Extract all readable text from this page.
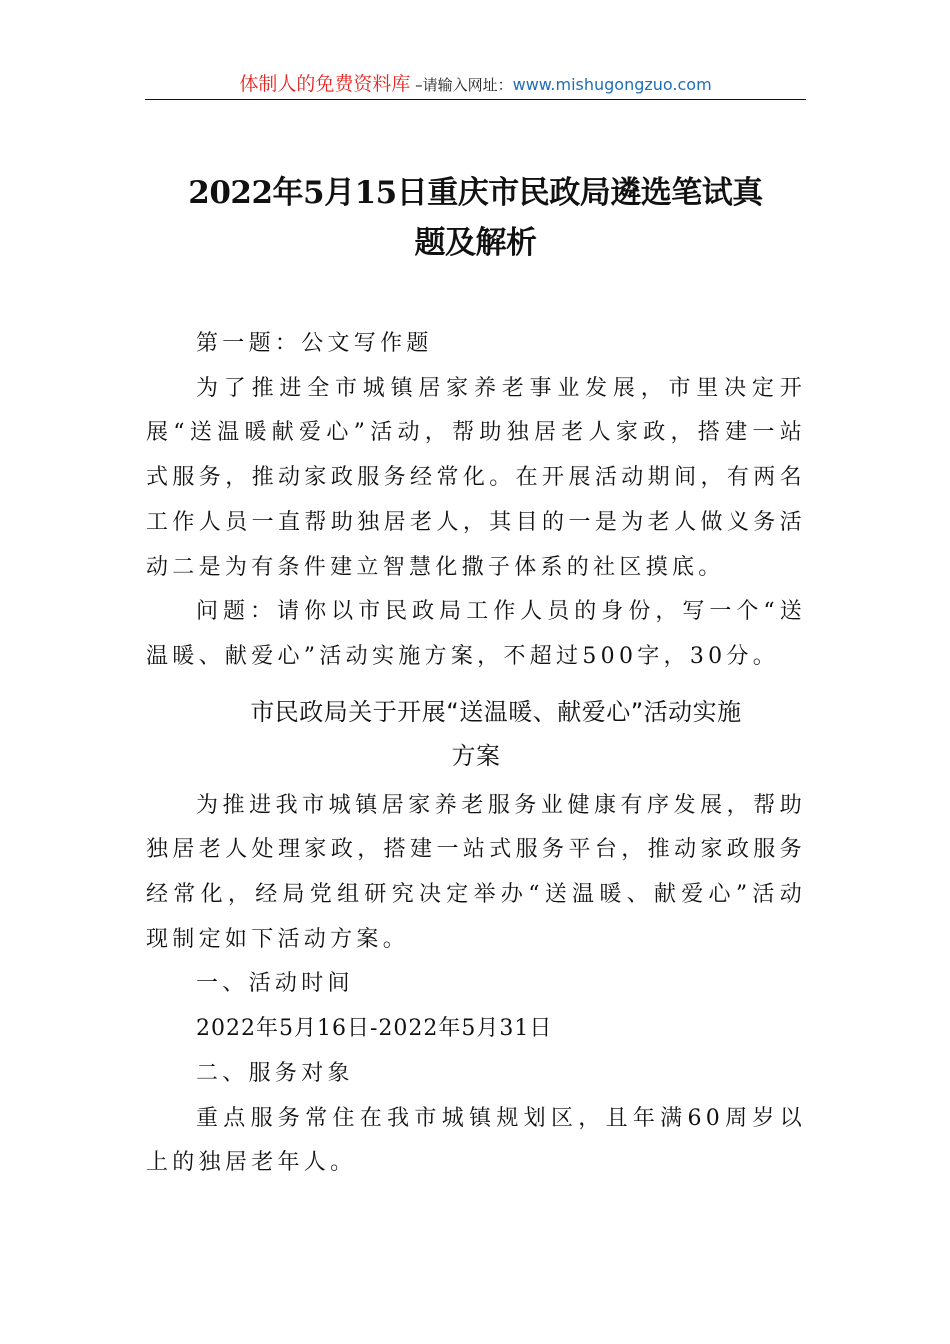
体制人的免费资料库 –请输入网址：www.mishugongzuo.com
2022年5月15日重庆市民政局遴选笔试真
题及解析

第一题：公文写作题

为了推进全市城镇居家养老事业发展，市里决定开展“送温暖献爱心”活动，帮助独居老人家政，搭建一站式服务，推动家政服务经常化。在开展活动期间，有两名工作人员一直帮助独居老人，其目的一是为老人做义务活动二是为有条件建立智慧化撒子体系的社区摸底。

问题：请你以市民政局工作人员的身份，写一个“送温暖、献爱心”活动实施方案，不超过500字，30分。

市民政局关于开展“送温暖、献爱心”活动实施
方案

为推进我市城镇居家养老服务业健康有序发展，帮助独居老人处理家政，搭建一站式服务平台，推动家政服务经常化，经局党组研究决定举办“送温暖、献爱心”活动现制定如下活动方案。

一、活动时间

2022年5月16日-2022年5月31日

二、服务对象

重点服务常住在我市城镇规划区，且年满60周岁以上的独居老年人。
